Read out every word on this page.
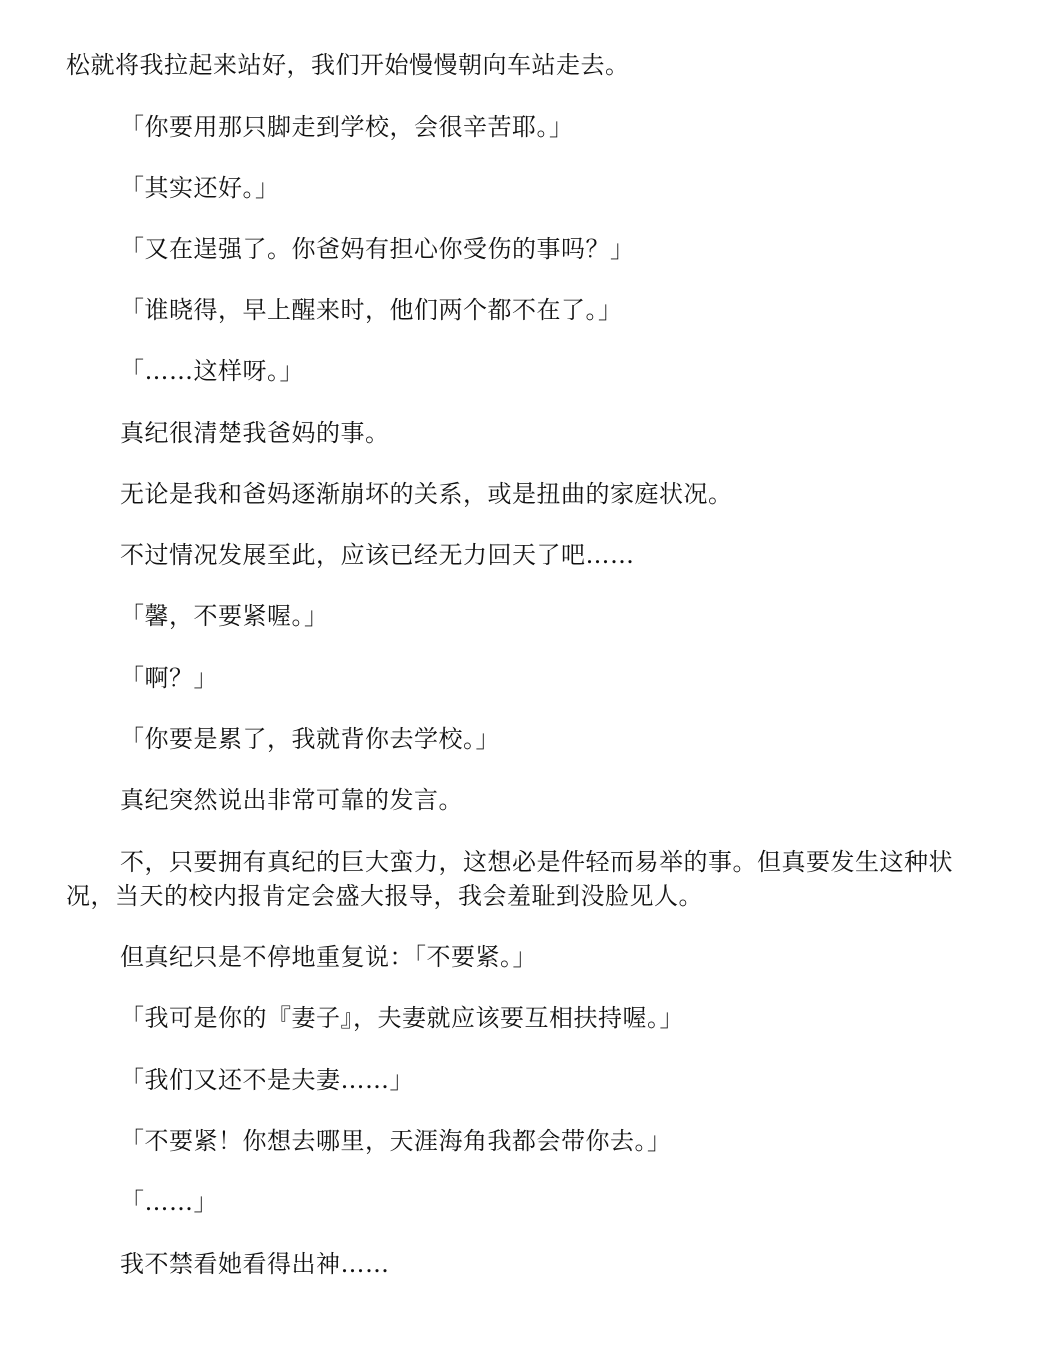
松就将我拉起来站好，我们开始慢慢朝向车站走去。

「你要用那只脚走到学校，会很辛苦耶。」

「其实还好。」

「又在逞强了。你爸妈有担心你受伤的事吗？」

「谁晓得，早上醒来时，他们两个都不在了。」

「……这样呀。」

真纪很清楚我爸妈的事。

无论是我和爸妈逐渐崩坏的关系，或是扭曲的家庭状况。

不过情况发展至此，应该已经无力回天了吧……

「馨，不要紧喔。」

「啊？」

「你要是累了，我就背你去学校。」

真纪突然说出非常可靠的发言。

不，只要拥有真纪的巨大蛮力，这想必是件轻而易举的事。但真要发生这种状况，当天的校内报肯定会盛大报导，我会羞耻到没脸见人。

但真纪只是不停地重复说：「不要紧。」

「我可是你的『妻子』，夫妻就应该要互相扶持喔。」

「我们又还不是夫妻……」

「不要紧！你想去哪里，天涯海角我都会带你去。」

「……」

我不禁看她看得出神……
